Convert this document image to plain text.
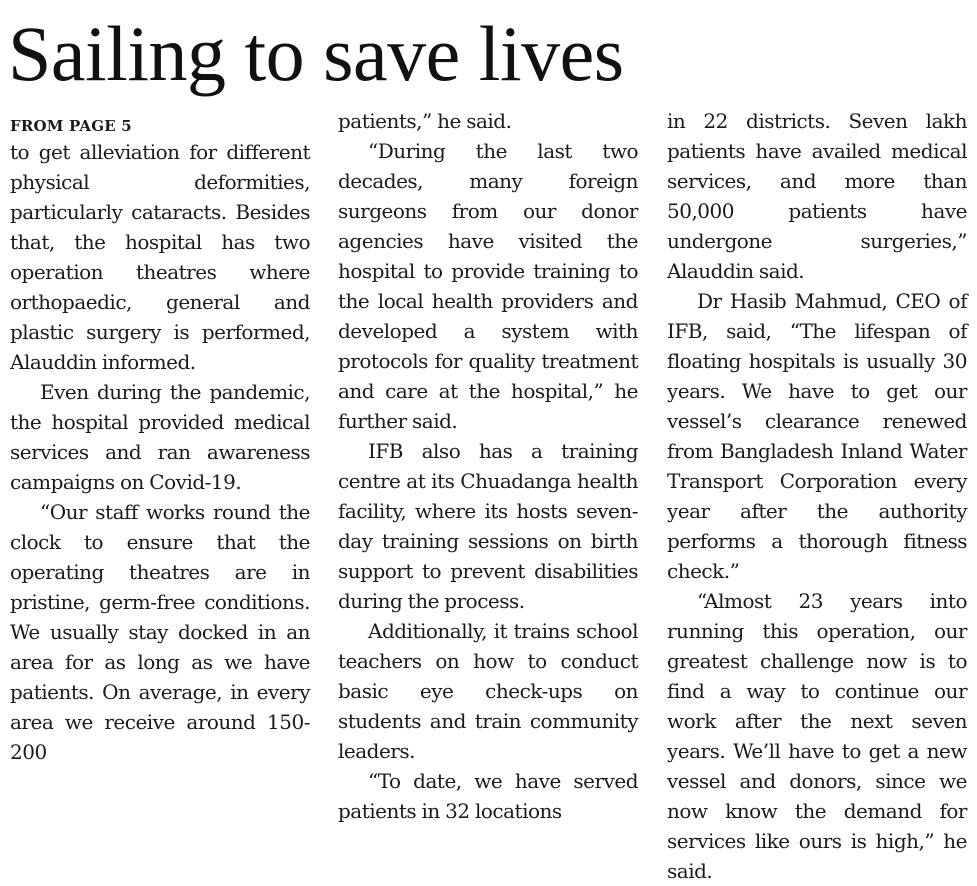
Sailing to save lives
FROM PAGE 5

to get alleviation for different physical deformities, particularly cataracts. Besides that, the hospital has two operation theatres where orthopaedic, general and plastic surgery is performed, Alauddin informed.

Even during the pandemic, the hospital provided medical services and ran awareness campaigns on Covid-19.

“Our staff works round the clock to ensure that the operating theatres are in pristine, germ-free conditions. We usually stay docked in an area for as long as we have patients. On average, in every area we receive around 150-200

patients,” he said.

“During the last two decades, many foreign surgeons from our donor agencies have visited the hospital to provide training to the local health providers and developed a system with protocols for quality treatment and care at the hospital,” he further said.

IFB also has a training centre at its Chuadanga health facility, where its hosts seven-day training sessions on birth support to prevent disabilities during the process.

Additionally, it trains school teachers on how to conduct basic eye check-ups on students and train community leaders.

“To date, we have served patients in 32 locations

in 22 districts. Seven lakh patients have availed medical services, and more than 50,000 patients have undergone surgeries,” Alauddin said.

Dr Hasib Mahmud, CEO of IFB, said, “The lifespan of floating hospitals is usually 30 years. We have to get our vessel’s clearance renewed from Bangladesh Inland Water Transport Corporation every year after the authority performs a thorough fitness check.”

“Almost 23 years into running this operation, our greatest challenge now is to find a way to continue our work after the next seven years. We’ll have to get a new vessel and donors, since we now know the demand for services like ours is high,” he said.
